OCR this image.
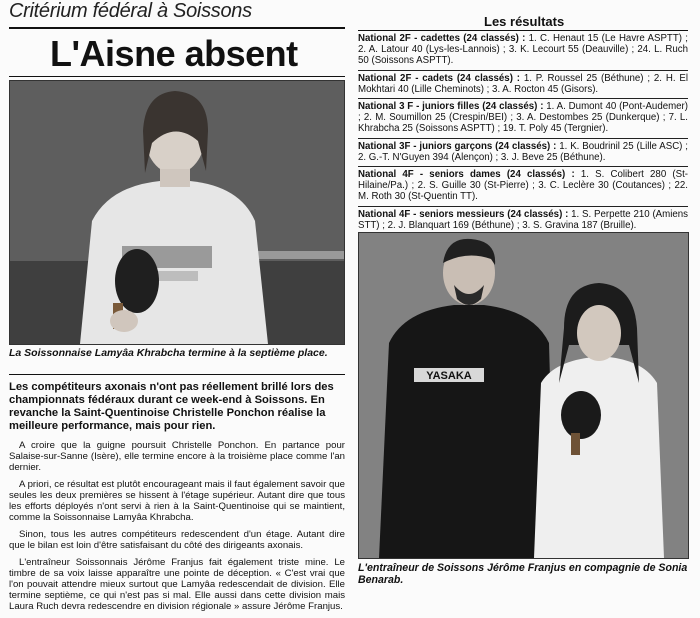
Critérium fédéral à Soissons
L'Aisne absent
La Soissonnaise Lamyâa Khrabcha termine à la septième place.
Les compétiteurs axonais n'ont pas réellement brillé lors des championnats fédéraux durant ce week-end à Soissons. En revanche la Saint-Quentinoise Christelle Ponchon réalise la meilleure performance, mais pour rien.

A croire que la guigne poursuit Christelle Ponchon. En partance pour Salaise-sur-Sanne (Isère), elle termine encore à la troisième place comme l'an dernier.

A priori, ce résultat est plutôt encourageant mais il faut également savoir que seules les deux premières se hissent à l'étage supérieur. Autant dire que tous les efforts déployés n'ont servi à rien à la Saint-Quentinoise qui se maintient, comme la Soissonnaise Lamyâa Khrabcha.

Sinon, tous les autres compétiteurs redescendent d'un étage. Autant dire que le bilan est loin d'être satisfaisant du côté des dirigeants axonais.

L'entraîneur Soissonnais Jérôme Franjus fait également triste mine. Le timbre de sa voix laisse apparaître une pointe de déception. « C'est vrai que l'on pouvait attendre mieux surtout que Lamyâa redescendait de division. Elle termine septième, ce qui n'est pas si mal. Elle aussi dans cette division mais Laura Ruch devra redescendre en division régionale » assure Jérôme Franjus.

Les résultats
National 2F - cadettes (24 classés) : 1. C. Henaut 15 (Le Havre ASPTT) ; 2. A. Latour 40 (Lys-les-Lannois) ; 3. K. Lecourt 55 (Deauville) ; 24. L. Ruch 50 (Soissons ASPTT).
National 2F - cadets (24 classés) : 1. P. Roussel 25 (Béthune) ; 2. H. El Mokhtari 40 (Lille Cheminots) ; 3. A. Rocton 45 (Gisors).
National 3 F - juniors filles (24 classés) : 1. A. Dumont 40 (Pont-Audemer) ; 2. M. Soumillon 25 (Crespin/BEI) ; 3. A. Destombes 25 (Dunkerque) ; 7. L. Khrabcha 25 (Soissons ASPTT) ; 19. T. Poly 45 (Tergnier).
National 3F - juniors garçons (24 classés) : 1. K. Boudrinil 25 (Lille ASC) ; 2. G.-T. N'Guyen 394 (Alençon) ; 3. J. Beve 25 (Béthune).
National 4F - seniors dames (24 classés) : 1. S. Colibert 280 (St-Hilaine/Pa.) ; 2. S. Guille 30 (St-Pierre) ; 3. C. Leclère 30 (Coutances) ; 22. M. Roth 30 (St-Quentin TT).
National 4F - seniors messieurs (24 classés) : 1. S. Perpette 210 (Amiens STT) ; 2. J. Blanquart 169 (Béthune) ; 3. S. Gravina 187 (Bruille).
YASAKA
L'entraîneur de Soissons Jérôme Franjus en compagnie de Sonia Benarab.
